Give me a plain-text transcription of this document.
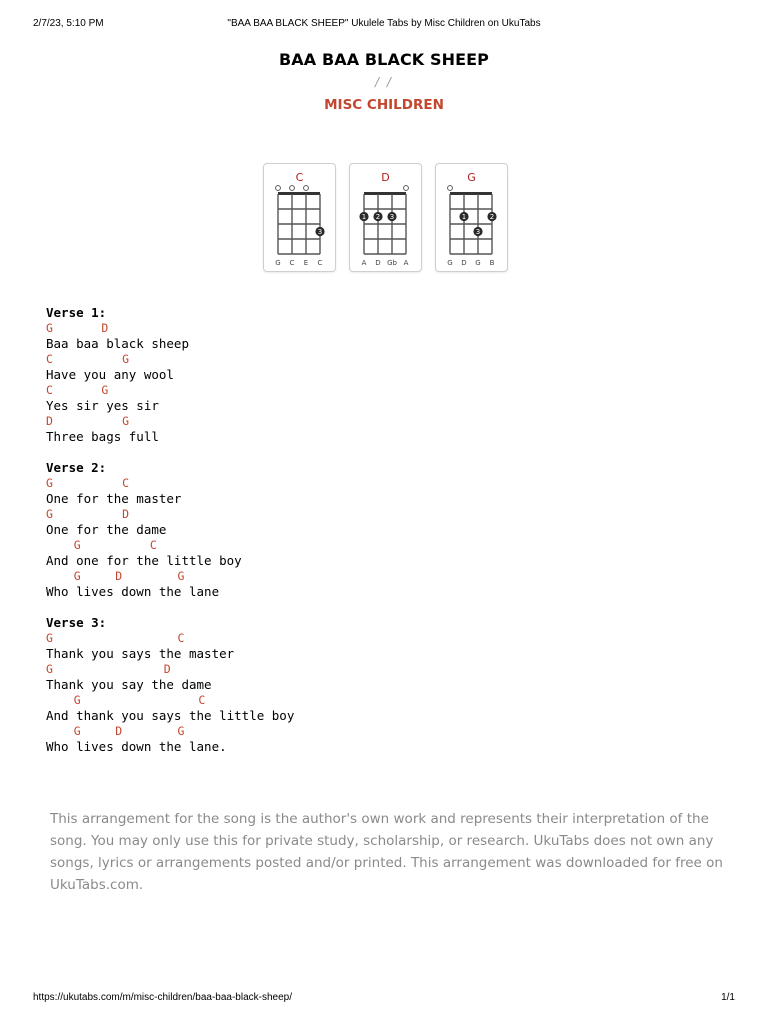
2/7/23, 5:10 PM	"BAA BAA BLACK SHEEP" Ukulele Tabs by Misc Children on UkuTabs
BAA BAA BLACK SHEEP
/ /
MISC CHILDREN
C
3
G C E C
D
1 2 3
A D Gb A
G
1	2
3
G D G B
Verse 1:
G       D
Baa baa black sheep
C          G
Have you any wool
C       G
Yes sir yes sir
D          G
Three bags full
Verse 2:
G          C
One for the master
G          D
One for the dame
G          C
And one for the little boy
G     D        G
Who lives down the lane
Verse 3:
G                  C
Thank you says the master
G                D
Thank you say the dame
G                 C
And thank you says the little boy
G     D        G
Who lives down the lane.

This arrangement for the song is the author's own work and represents their interpretation of the song. You may only use this for private study, scholarship, or research. UkuTabs does not own any songs, lyrics or arrangements posted and/or printed. This arrangement was downloaded for free on UkuTabs.com.

https://ukutabs.com/m/misc-children/baa-baa-black-sheep/	1/1
